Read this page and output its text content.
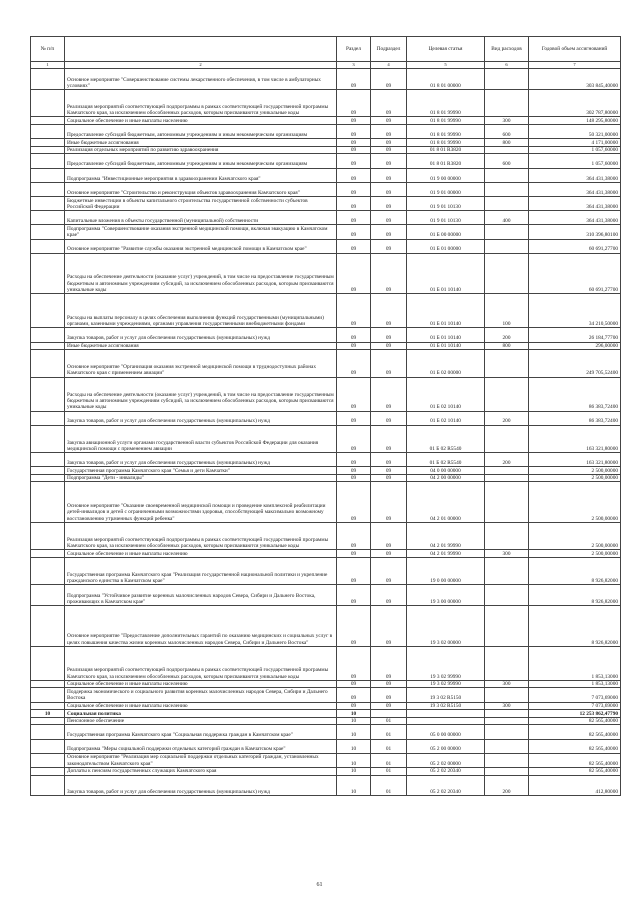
№ п/п		Раздел	Подраздел	Целевая статья	Вид расходов	Годовой объем ассигнований
1	2	3	4	5	6	7
	Основное мероприятие "Совершенствование системы лекарственного обеспечения, в том числе в амбулаторных условиях"	09	09	01 8 01 00000		303 845,40000
	Реализация мероприятий соответствующей подпрограммы в рамках соответствующей государственной программы Камчатского края, за исключением обособленных расходов, которым присваиваются уникальные коды	09	09	01 8 01 99990		302 787,80000
	Социальное обеспечение и иные выплаты населению	09	09	01 8 01 99990	300	148 295,80000
	Предоставление субсидий бюджетным, автономным учреждениям и иным некоммерческим организациям	09	09	01 8 01 99990	600	50 321,00000
	Иные бюджетные ассигнования	09	09	01 8 01 99990	800	4 171,00000
	Реализация отдельных мероприятий по развитию здравоохранения	09	09	01 8 01 R3820		1 057,60000
	Предоставление субсидий бюджетным, автономным учреждениям и иным некоммерческим организациям	09	09	01 8 01 R3820	600	1 057,60000
	Подпрограмма "Инвестиционные мероприятия в здравоохранении Камчатского края"	09	09	01 9 00 00000		364 431,38000
	Основное мероприятие "Строительство и реконструкция объектов здравоохранения Камчатского края"	09	09	01 9 01 00000		364 431,38000
	Бюджетные инвестиции в объекты капитального строительства государственной собственности субъектов Российской Федерации	09	09	01 9 01 10130		364 431,38000
	Капитальные вложения в объекты государственной (муниципальной) собственности	09	09	01 9 01 10130	400	364 431,38000
	Подпрограмма "Совершенствование оказания экстренной медицинской помощи, включая эвакуацию в Камчатском крае"	09	09	01 Б 00 00000		310 396,80100
	Основное мероприятие "Развитие службы оказания экстренной медицинской помощи в Камчатском крае"	09	09	01 Б 01 00000		60 691,27700
	Расходы на обеспечение деятельности (оказание услуг) учреждений, в том числе на предоставление государственным бюджетным и автономным учреждениям субсидий, за исключением обособленных расходов, которым присваиваются уникальные коды	09	09	01 Б 01 10140		60 691,27700
	Расходы на выплаты персоналу в целях обеспечения выполнения функций государственными (муниципальными) органами, казенными учреждениями, органами управления государственными внебюджетными фондами	09	09	01 Б 01 10140	100	34 210,50000
	Закупка товаров, работ и услуг для обеспечения государственных (муниципальных) нужд	09	09	01 Б 01 10140	200	26 184,77700
	Иные бюджетные ассигнования	09	09	01 Б 01 10140	800	296,00000
	Основное мероприятие "Организация оказания экстренной медицинской помощи в труднодоступных районах Камчатского края с применением авиации"	09	09	01 Б 02 00000		249 705,52400
	Расходы на обеспечение деятельности (оказание услуг) учреждений, в том числе на предоставление государственным бюджетным и автономным учреждениям субсидий, за исключением обособленных расходов, которым присваиваются уникальные коды	09	09	01 Б 02 10140		86 383,72400
	Закупка товаров, работ и услуг для обеспечения государственных (муниципальных) нужд	09	09	01 Б 02 10140	200	86 383,72400
	Закупка авиационной услуги органами государственной власти субъектов Российской Федерации для оказания медицинской помощи с применением авиации	09	09	01 Б 02 R5540		163 321,80000
	Закупка товаров, работ и услуг для обеспечения государственных (муниципальных) нужд	09	09	01 Б 02 R5540	200	163 321,80000
	Государственная программа Камчатского края "Семья и дети Камчатки"	09	09	04 0 00 00000		2 500,00000
	Подпрограмма "Дети - инвалиды"	09	09	04 2 00 00000		2 500,00000
	Основное мероприятие "Оказание своевременной медицинской помощи и проведение комплексной реабилитации детей-инвалидов и детей с ограниченными возможностями здоровья, способствующей максимально возможному восстановлению утраченных функций ребенка"	09	09	04 2 01 00000		2 500,00000
	Реализация мероприятий соответствующей подпрограммы в рамках соответствующей государственной программы Камчатского края, за исключением обособленных расходов, которым присваиваются уникальные коды	09	09	04 2 01 99990		2 500,00000
	Социальное обеспечение и иные выплаты населению	09	09	04 2 01 99990	300	2 500,00000
	Государственная программа Камчатского края "Реализация государственной национальной политики и укрепление гражданского единства в Камчатском крае"	09	09	19 0 00 00000		8 926,82000
	Подпрограмма "Устойчивое развитие коренных малочисленных народов Севера, Сибири и Дальнего Востока, проживающих в Камчатском крае"	09	09	19 3 00 00000		8 926,82000
	Основное мероприятие "Предоставление дополнительных гарантий по оказанию медицинских и социальных услуг в целях повышения качества жизни коренных малочисленных народов Севера, Сибири и Дальнего Востока"	09	09	19 3 02 00000		8 926,82000
	Реализация мероприятий соответствующей подпрограммы в рамках соответствующей государственной программы Камчатского края, за исключением обособленных расходов, которым присваиваются уникальные коды	09	09	19 3 02 99990		1 853,13000
	Социальное обеспечение и иные выплаты населению	09	09	19 3 02 99990	300	1 853,13000
	Поддержка экономического и социального развития коренных малочисленных народов Севера, Сибири и Дальнего Востока	09	09	19 3 02 R5150		7 073,69000
	Социальное обеспечение и иные выплаты населению	09	09	19 3 02 R5150	300	7 073,69000
10	Социальная политика	10				12 253 862,47790
	Пенсионное обеспечение	10	01			82 565,40000
	Государственная программа Камчатского края "Социальная поддержка граждан в Камчатском крае"	10	01	05 0 00 00000		82 565,40000
	Подпрограмма "Меры социальной поддержки отдельных категорий граждан в Камчатском крае"	10	01	05 2 00 00000		82 565,40000
	Основное мероприятие "Реализация мер социальной поддержки отдельных категорий граждан, установленных законодательством Камчатского края"	10	01	05 2 02 00000		82 565,40000
	Доплаты к пенсиям государственных служащих Камчатского края	10	01	05 2 02 20340		82 565,40000
	Закупка товаров, работ и услуг для обеспечения государственных (муниципальных) нужд	10	01	05 2 02 20340	200	412,80000
61
